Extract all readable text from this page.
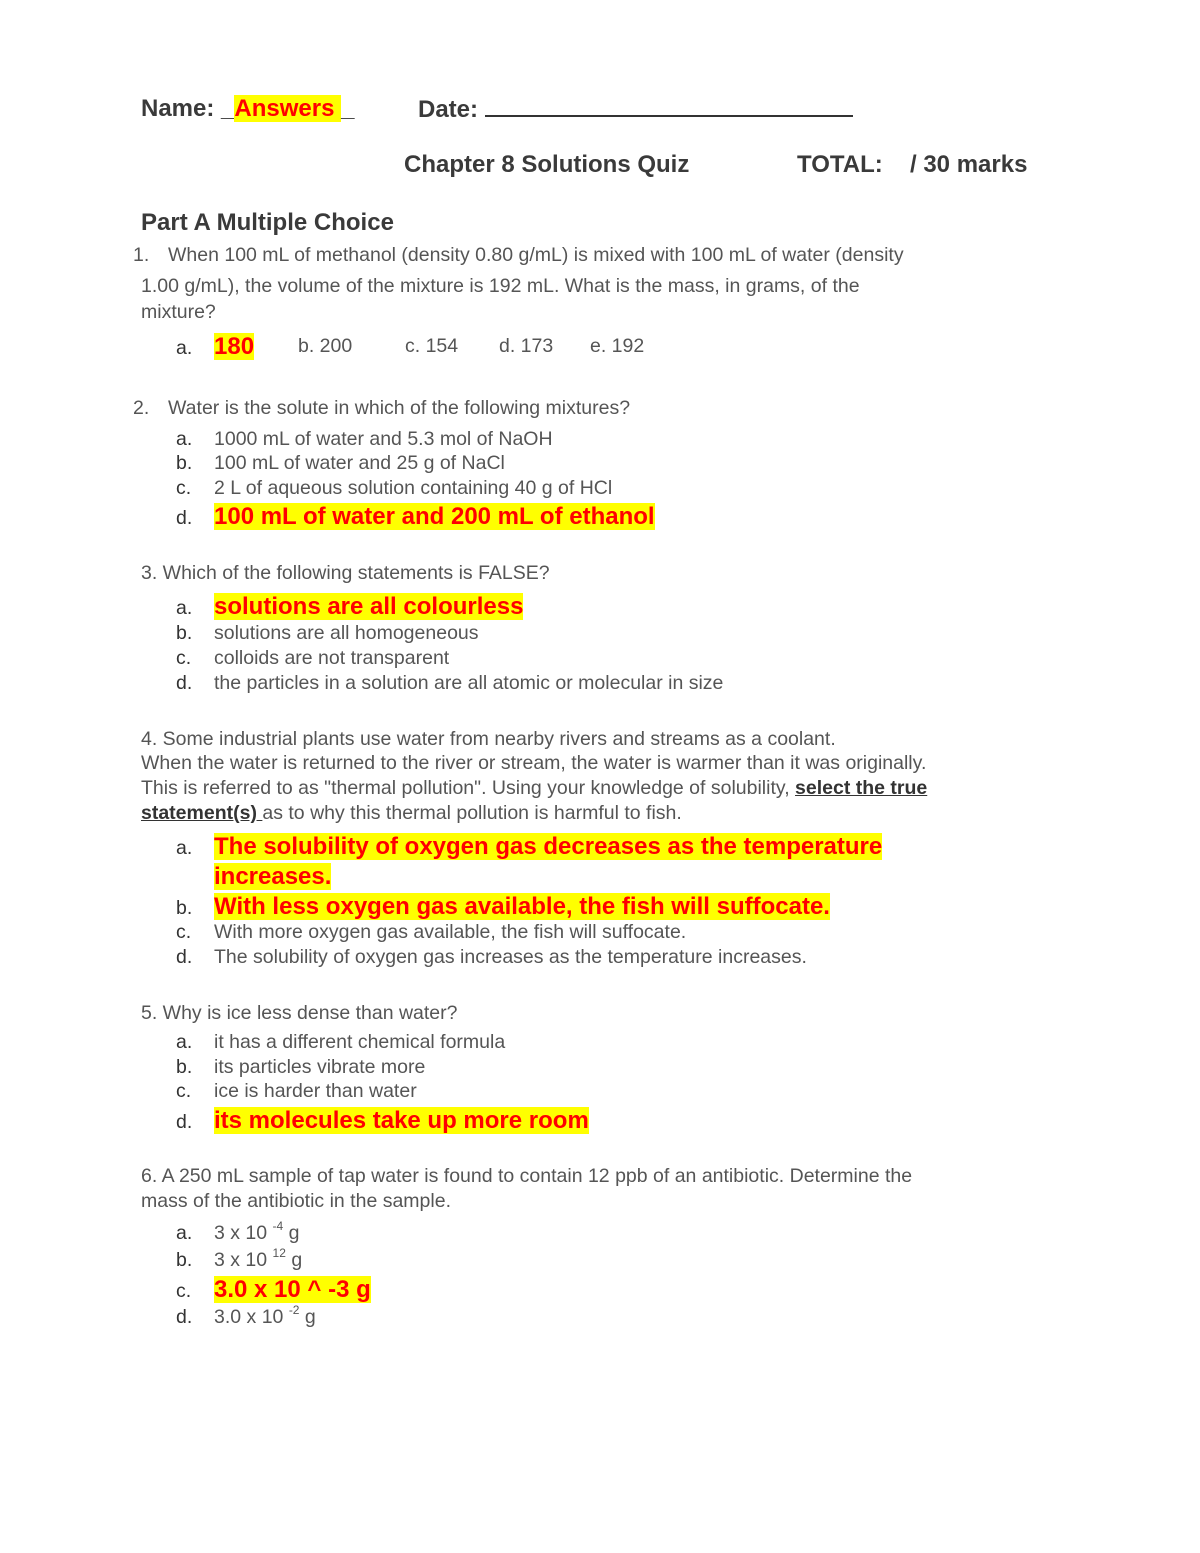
Name: _Answers _	Date:
Chapter 8 Solutions Quiz	TOTAL: / 30 marks
Part A Multiple Choice
1. When 100 mL of methanol (density 0.80 g/mL) is mixed with 100 mL of water (density
1.00 g/mL), the volume of the mixture is 192 mL. What is the mass, in grams, of the
mixture?
a. 180 b. 200	c. 154 d. 173 e. 192
2. Water is the solute in which of the following mixtures?
a. 1000 mL of water and 5.3 mol of NaOH
b. 100 mL of water and 25 g of NaCl
c. 2 L of aqueous solution containing 40 g of HCl
d. 100 mL of water and 200 mL of ethanol
3. Which of the following statements is FALSE?
a. solutions are all colourless
b. solutions are all homogeneous
c. colloids are not transparent
d. the particles in a solution are all atomic or molecular in size
4. Some industrial plants use water from nearby rivers and streams as a coolant.
When the water is returned to the river or stream, the water is warmer than it was originally.
This is referred to as "thermal pollution". Using your knowledge of solubility, select the true
statement(s) as to why this thermal pollution is harmful to fish.
a. The solubility of oxygen gas decreases as the temperature
increases.
b. With less oxygen gas available, the fish will suffocate.
c. With more oxygen gas available, the fish will suffocate.
d. The solubility of oxygen gas increases as the temperature increases.
5. Why is ice less dense than water?
a. it has a different chemical formula
b. its particles vibrate more
c. ice is harder than water
d. its molecules take up more room
6. A 250 mL sample of tap water is found to contain 12 ppb of an antibiotic. Determine the
mass of the antibiotic in the sample.
a. 3 x 10 $^{-4}$ g
b. 3 x 10 $^{12}$ g
c. 3.0 x 10 ^ -3 g
d. 3.0 x 10 $^{-2}$ g
